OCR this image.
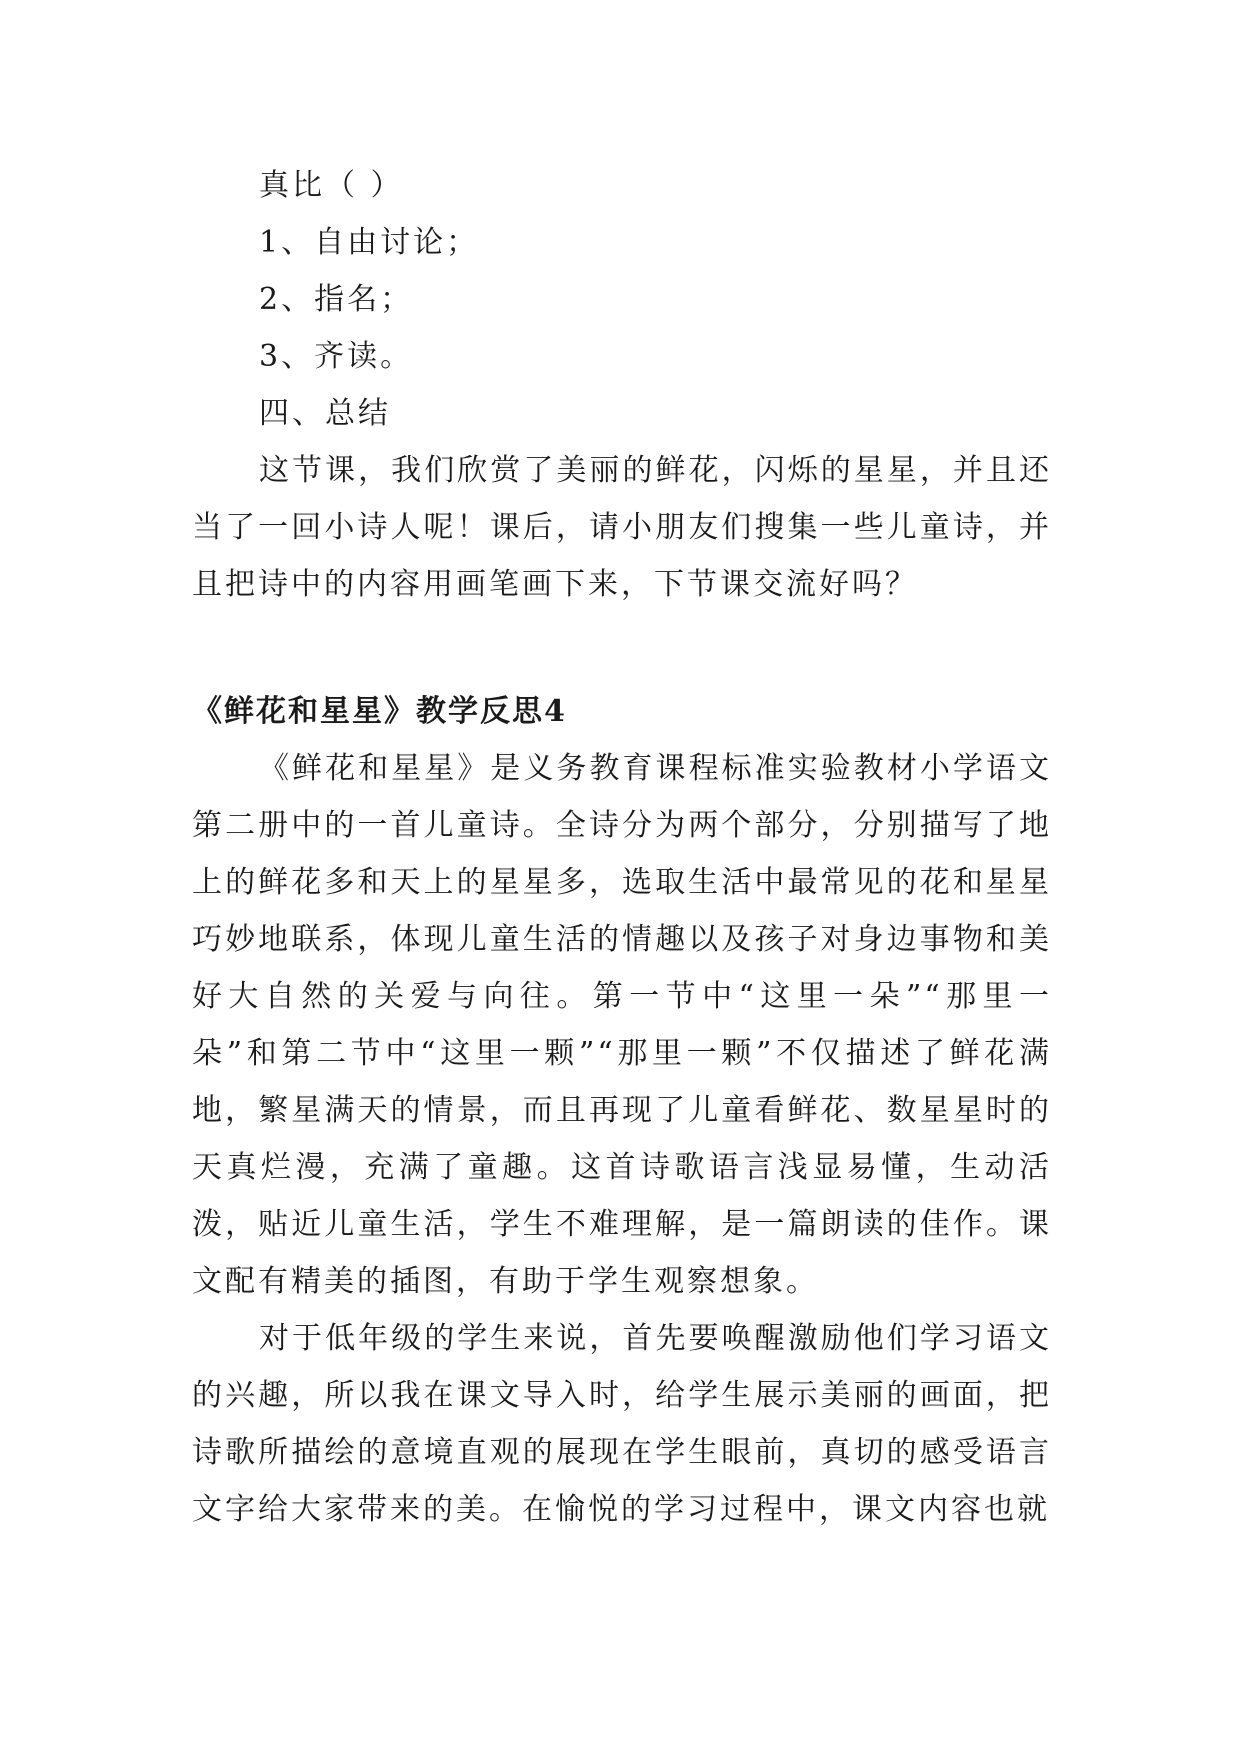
真比（ ）
1、自由讨论；
2、指名；
3、齐读。
四、总结

这节课，我们欣赏了美丽的鲜花，闪烁的星星，并且还当了一回小诗人呢！课后，请小朋友们搜集一些儿童诗，并且把诗中的内容用画笔画下来，下节课交流好吗？

《鲜花和星星》教学反思4

《鲜花和星星》是义务教育课程标准实验教材小学语文第二册中的一首儿童诗。全诗分为两个部分，分别描写了地上的鲜花多和天上的星星多，选取生活中最常见的花和星星巧妙地联系，体现儿童生活的情趣以及孩子对身边事物和美好大自然的关爱与向往。第一节中“这里一朵”“那里一朵”和第二节中“这里一颗”“那里一颗”不仅描述了鲜花满地，繁星满天的情景，而且再现了儿童看鲜花、数星星时的天真烂漫，充满了童趣。这首诗歌语言浅显易懂，生动活泼，贴近儿童生活，学生不难理解，是一篇朗读的佳作。课文配有精美的插图，有助于学生观察想象。

对于低年级的学生来说，首先要唤醒激励他们学习语文的兴趣，所以我在课文导入时，给学生展示美丽的画面，把诗歌所描绘的意境直观的展现在学生眼前，真切的感受语言文字给大家带来的美。在愉悦的学习过程中，课文内容也就
